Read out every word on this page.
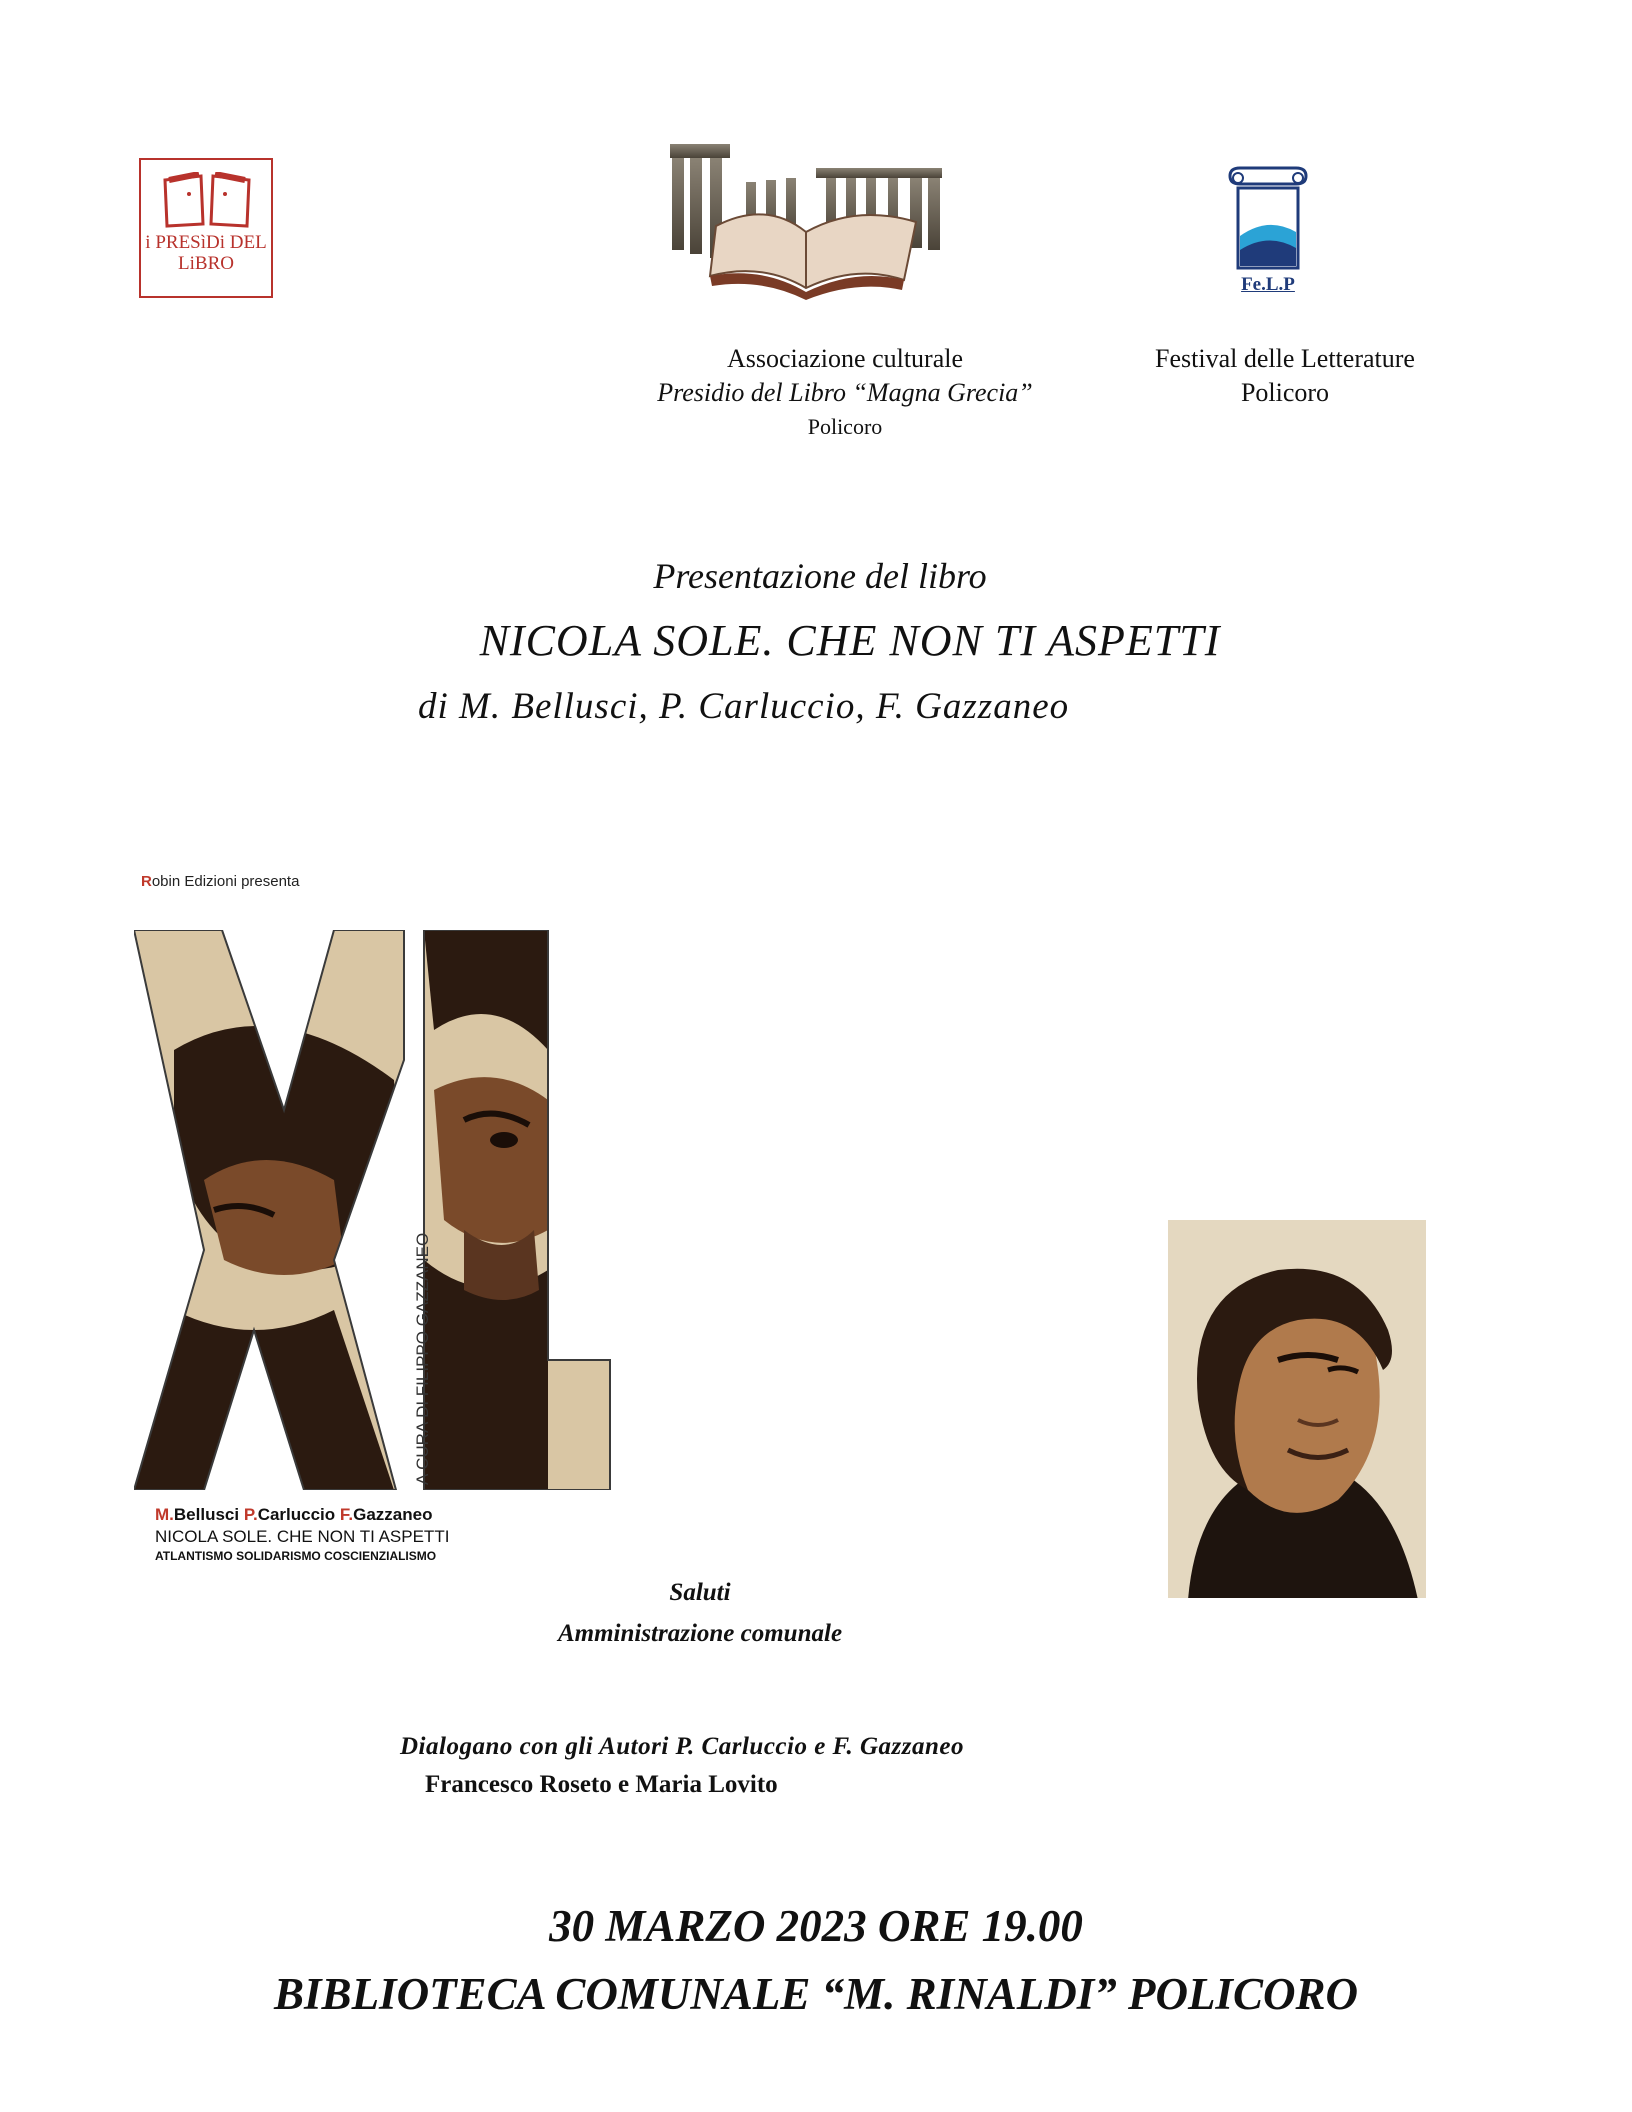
i PRESìDi DEL LiBRO
Fe.L.P
Associazione culturale
Presidio del Libro “Magna Grecia”
Policoro
Festival delle Letterature
Policoro
Presentazione del libro
NICOLA SOLE. CHE NON TI ASPETTI
di M. Bellusci, P. Carluccio, F. Gazzaneo
Robin Edizioni presenta
A CURA DI FILIPPO GAZZANEO
M.Bellusci P.Carluccio F.Gazzaneo
NICOLA SOLE. CHE NON TI ASPETTI
ATLANTISMO SOLIDARISMO COSCIENZIALISMO
Saluti
Amministrazione comunale
Dialogano con gli Autori P. Carluccio e F. Gazzaneo
Francesco Roseto e Maria Lovito
30 MARZO 2023 ORE 19.00
BIBLIOTECA COMUNALE “M. RINALDI” POLICORO
